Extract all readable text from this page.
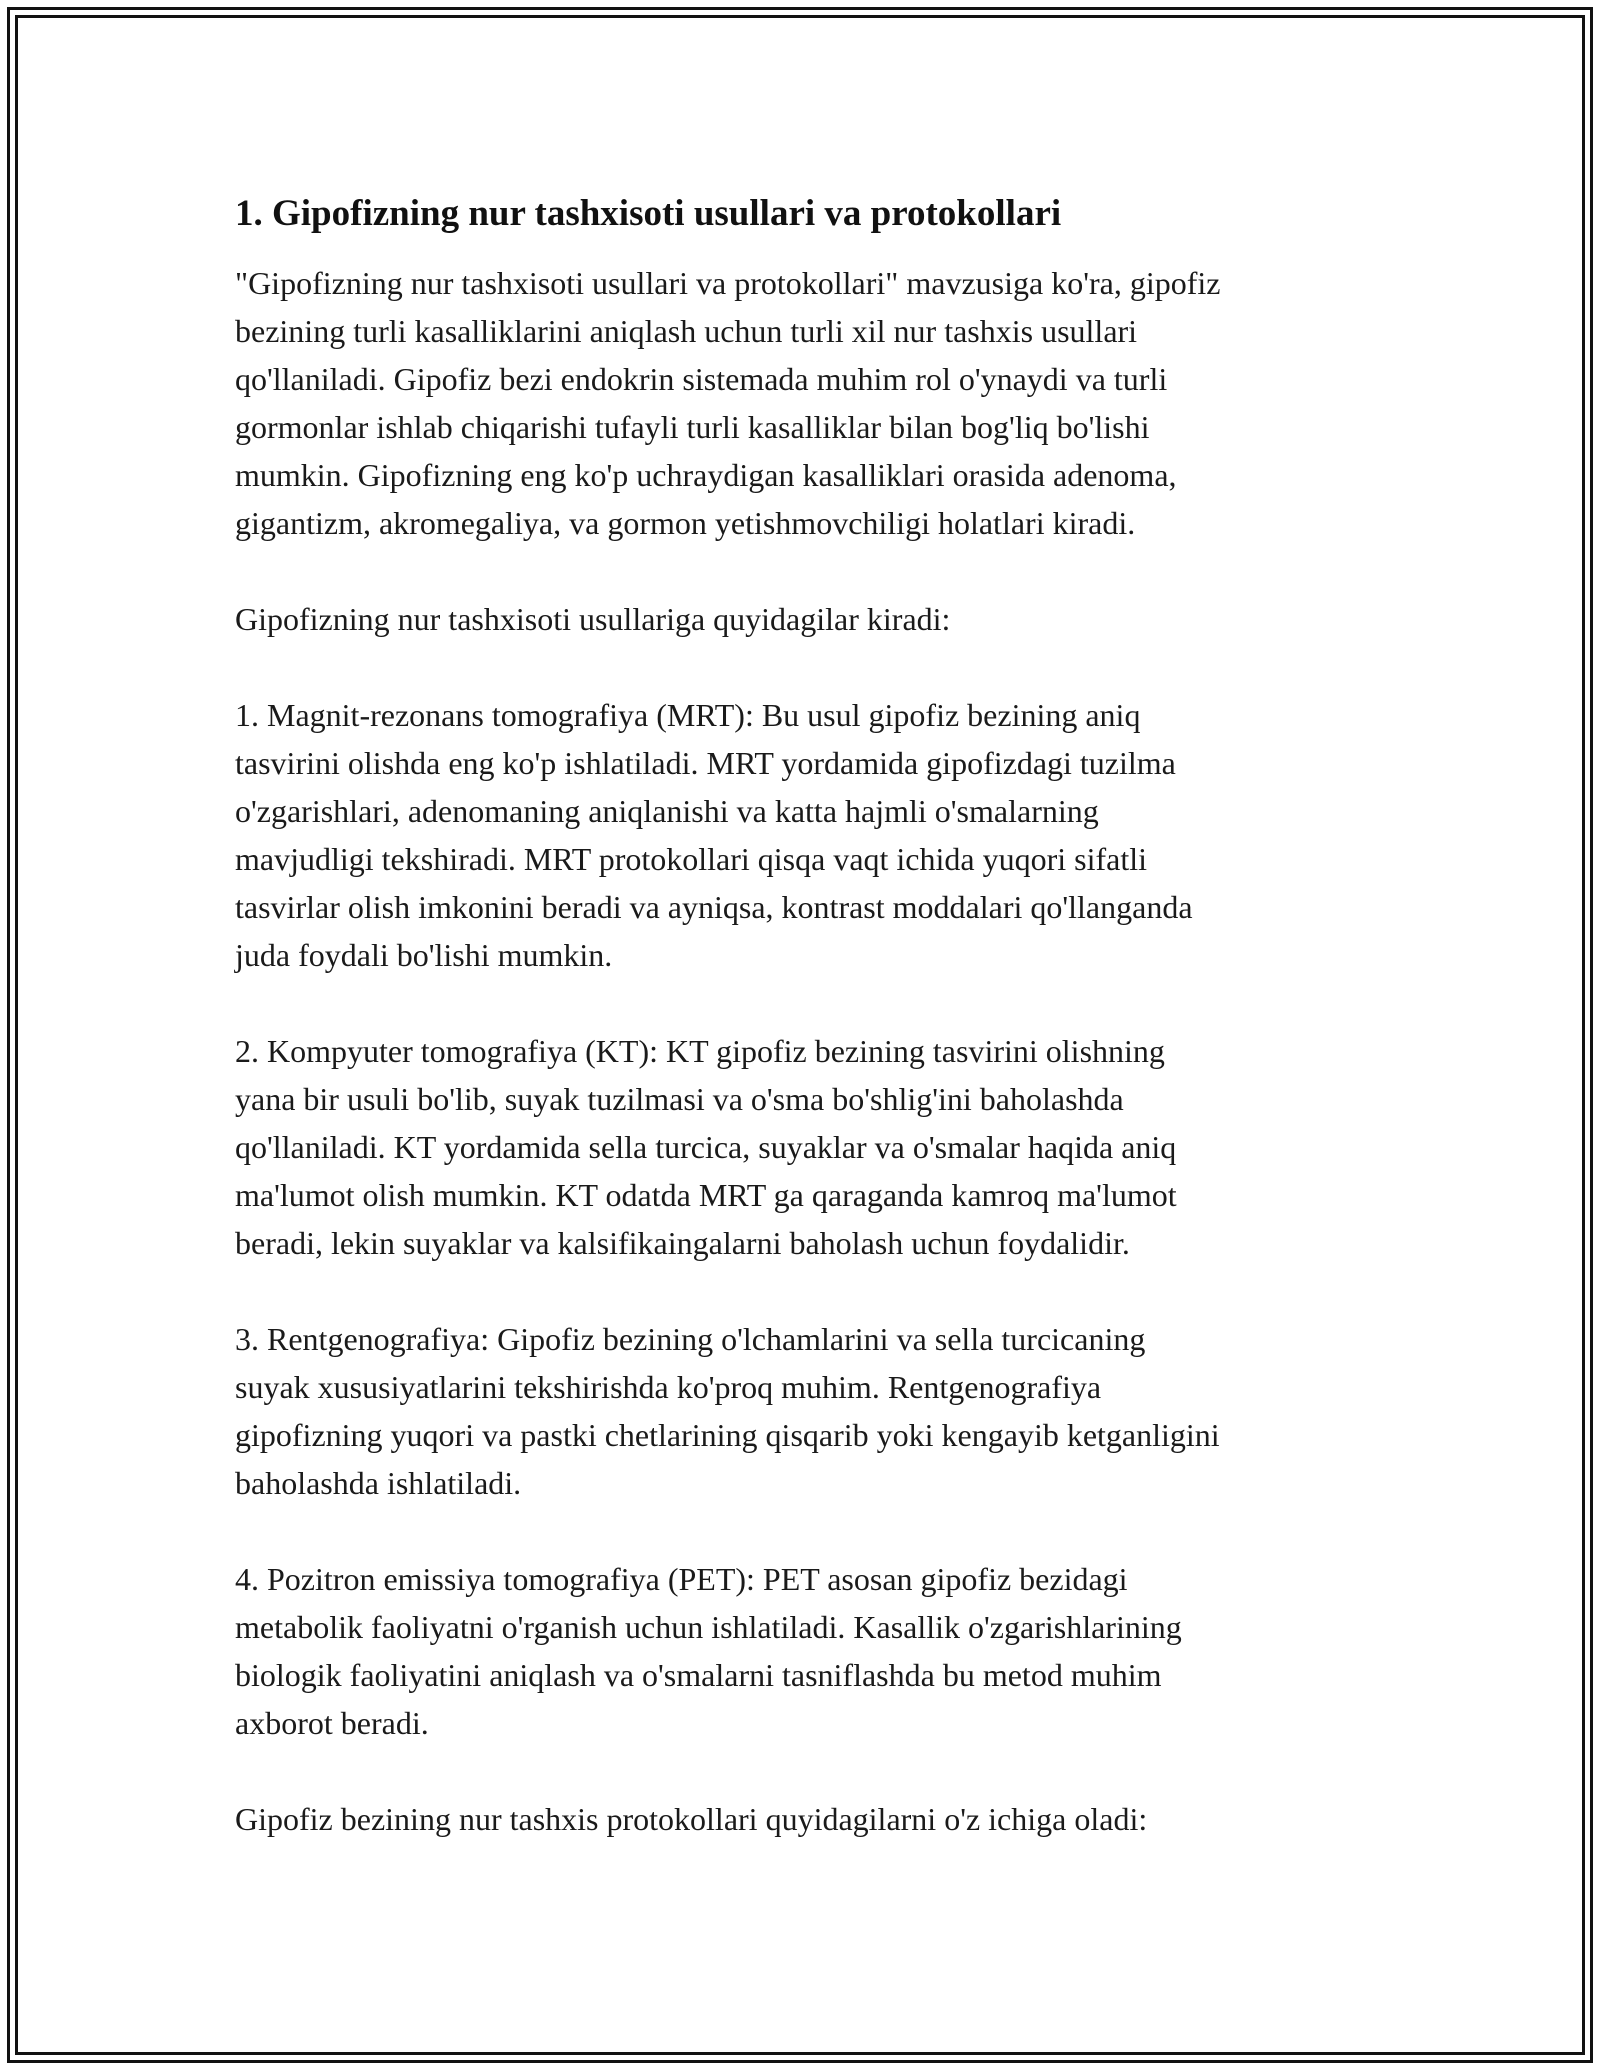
1. Gipofizning nur tashxisoti usullari va protokollari

"Gipofizning nur tashxisoti usullari va protokollari" mavzusiga ko'ra, gipofiz
bezining turli kasalliklarini aniqlash uchun turli xil nur tashxis usullari
qo'llaniladi. Gipofiz bezi endokrin sistemada muhim rol o'ynaydi va turli
gormonlar ishlab chiqarishi tufayli turli kasalliklar bilan bog'liq bo'lishi
mumkin. Gipofizning eng ko'p uchraydigan kasalliklari orasida adenoma,
gigantizm, akromegaliya, va gormon yetishmovchiligi holatlari kiradi.

Gipofizning nur tashxisoti usullariga quyidagilar kiradi:

1. Magnit-rezonans tomografiya (MRT): Bu usul gipofiz bezining aniq
tasvirini olishda eng ko'p ishlatiladi. MRT yordamida gipofizdagi tuzilma
o'zgarishlari, adenomaning aniqlanishi va katta hajmli o'smalarning
mavjudligi tekshiradi. MRT protokollari qisqa vaqt ichida yuqori sifatli
tasvirlar olish imkonini beradi va ayniqsa, kontrast moddalari qo'llanganda
juda foydali bo'lishi mumkin.

2. Kompyuter tomografiya (KT): KT gipofiz bezining tasvirini olishning
yana bir usuli bo'lib, suyak tuzilmasi va o'sma bo'shlig'ini baholashda
qo'llaniladi. KT yordamida sella turcica, suyaklar va o'smalar haqida aniq
ma'lumot olish mumkin. KT odatda MRT ga qaraganda kamroq ma'lumot
beradi, lekin suyaklar va kalsifikaingalarni baholash uchun foydalidir.

3. Rentgenografiya: Gipofiz bezining o'lchamlarini va sella turcicaning
suyak xususiyatlarini tekshirishda ko'proq muhim. Rentgenografiya
gipofizning yuqori va pastki chetlarining qisqarib yoki kengayib ketganligini
baholashda ishlatiladi.

4. Pozitron emissiya tomografiya (PET): PET asosan gipofiz bezidagi
metabolik faoliyatni o'rganish uchun ishlatiladi. Kasallik o'zgarishlarining
biologik faoliyatini aniqlash va o'smalarni tasniflashda bu metod muhim
axborot beradi.

Gipofiz bezining nur tashxis protokollari quyidagilarni o'z ichiga oladi:
